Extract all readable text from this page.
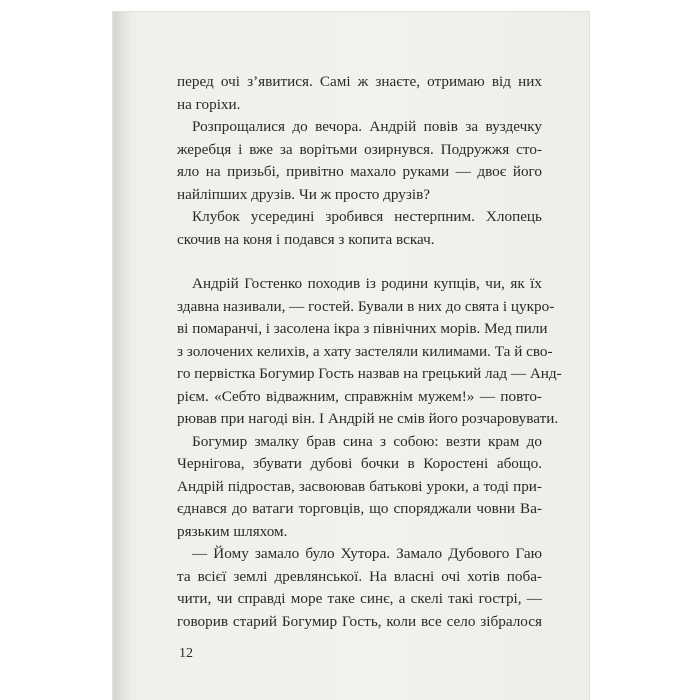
перед очі з’явитися. Самі ж знаєте, отримаю від них
на горіхи.
Розпрощалися до вечора. Андрій повів за вуздечку
жеребця і вже за ворітьми озирнувся. Подружжя сто-
яло на призьбі, привітно махало руками — двоє його
найліпших друзів. Чи ж просто друзів?
Клубок усередині зробився нестерпним. Хлопець
скочив на коня і подався з копита вскач.
Андрій Гостенко походив із родини купців, чи, як їх
здавна називали, — гостей. Бували в них до свята і цукро-
ві помаранчі, і засолена ікра з північних морів. Мед пили
з золочених келихів, а хату застеляли килимами. Та й сво-
го первістка Богумир Гость назвав на грецький лад — Анд-
рієм. «Себто відважним, справжнім мужем!» — повто-
рював при нагоді він. І Андрій не смів його розчаровувати.
Богумир змалку брав сина з собою: везти крам до
Чернігова, збувати дубові бочки в Коростені абощо.
Андрій підростав, засвоював батькові уроки, а тоді при-
єднався до ватаги торговців, що споряджали човни Ва-
рязьким шляхом.
— Йому замало було Хутора. Замало Дубового Гаю
та всієї землі древлянської. На власні очі хотів поба-
чити, чи справді море таке синє, а скелі такі гострі, —
говорив старий Богумир Гость, коли все село зібралося
12
